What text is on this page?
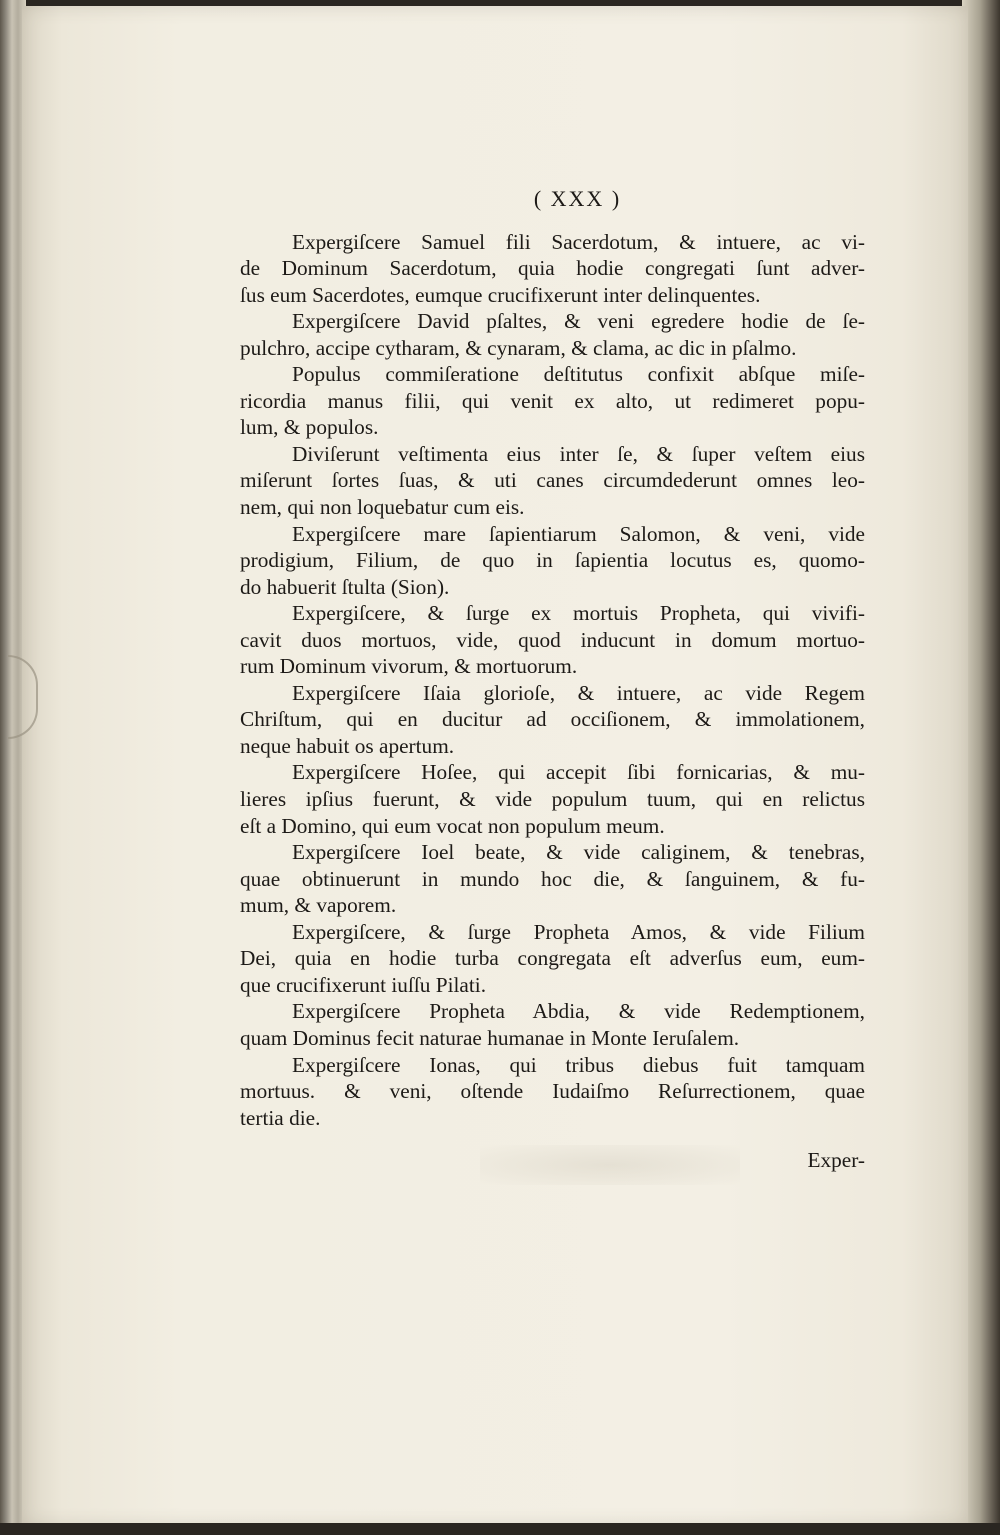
( XXX )

Expergiſcere Samuel fili Sacerdotum, & intuere, ac vi-
de Dominum Sacerdotum, quia hodie congregati ſunt adver-
ſus eum Sacerdotes, eumque crucifixerunt inter delinquentes.

Expergiſcere David pſaltes, & veni egredere hodie de ſe-
pulchro, accipe cytharam, & cynaram, & clama, ac dic in pſalmo.

Populus commiſeratione deſtitutus confixit abſque miſe-
ricordia manus filii, qui venit ex alto, ut redimeret popu-
lum, & populos.

Diviſerunt veſtimenta eius inter ſe, & ſuper veſtem eius
miſerunt ſortes ſuas, & uti canes circumdederunt omnes leo-
nem, qui non loquebatur cum eis.

Expergiſcere mare ſapientiarum Salomon, & veni, vide
prodigium, Filium, de quo in ſapientia locutus es, quomo-
do habuerit ſtulta (Sion).

Expergiſcere, & ſurge ex mortuis Propheta, qui vivifi-
cavit duos mortuos, vide, quod inducunt in domum mortuo-
rum Dominum vivorum, & mortuorum.

Expergiſcere Iſaia glorioſe, & intuere, ac vide Regem
Chriſtum, qui en ducitur ad occiſionem, & immolationem,
neque habuit os apertum.

Expergiſcere Hoſee, qui accepit ſibi fornicarias, & mu-
lieres ipſius fuerunt, & vide populum tuum, qui en relictus
eſt a Domino, qui eum vocat non populum meum.

Expergiſcere Ioel beate, & vide caliginem, & tenebras,
quae obtinuerunt in mundo hoc die, & ſanguinem, & fu-
mum, & vaporem.

Expergiſcere, & ſurge Propheta Amos, & vide Filium
Dei, quia en hodie turba congregata eſt adverſus eum, eum-
que crucifixerunt iuſſu Pilati.

Expergiſcere Propheta Abdia, & vide Redemptionem,
quam Dominus fecit naturae humanae in Monte Ieruſalem.

Expergiſcere Ionas, qui tribus diebus fuit tamquam
mortuus. & veni, oſtende Iudaiſmo Reſurrectionem, quae
tertia die.

Exper-
